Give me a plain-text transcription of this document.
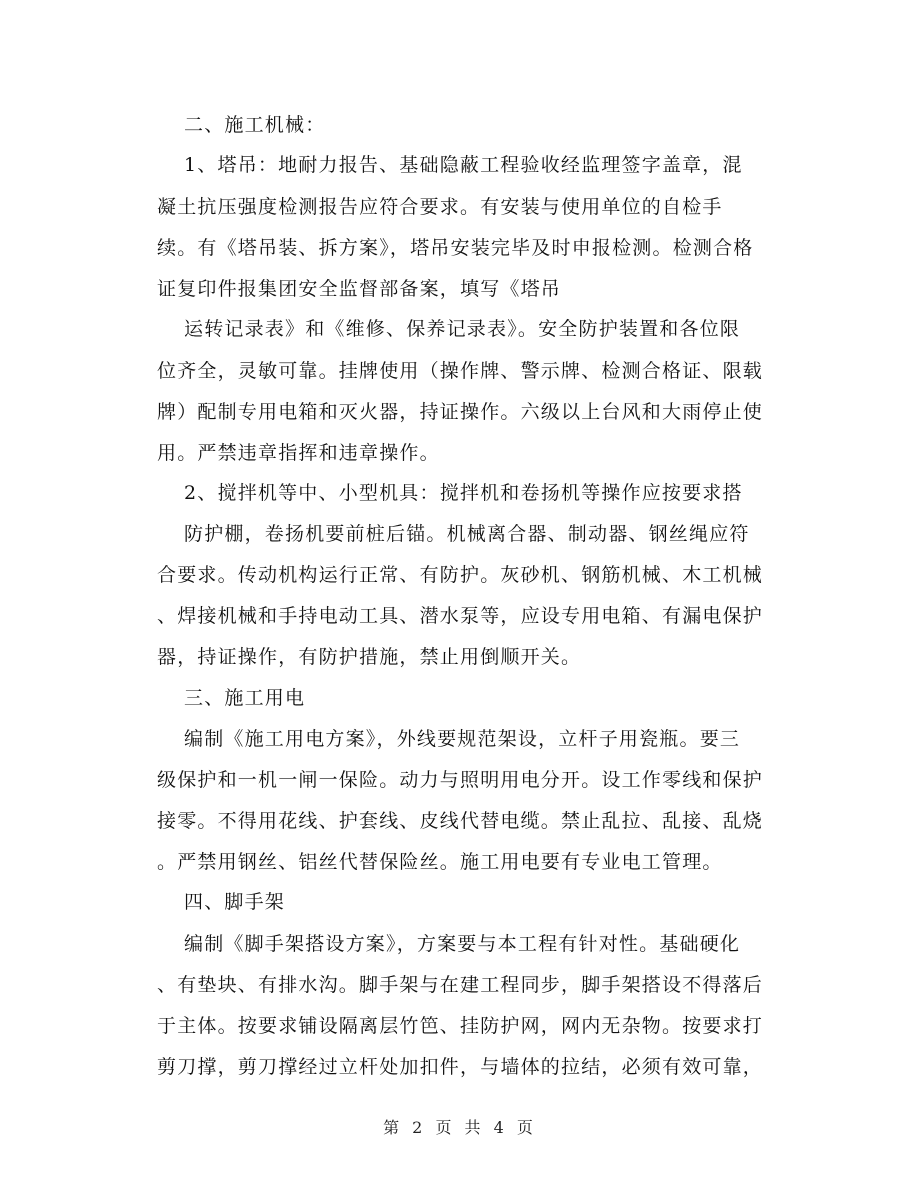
二、施工机械：
1、塔吊：地耐力报告、基础隐蔽工程验收经监理签字盖章，混
凝土抗压强度检测报告应符合要求。有安装与使用单位的自检手
续。有《塔吊装、拆方案》，塔吊安装完毕及时申报检测。检测合格
证复印件报集团安全监督部备案，填写《塔吊
运转记录表》和《维修、保养记录表》。安全防护装置和各位限
位齐全，灵敏可靠。挂牌使用（操作牌、警示牌、检测合格证、限载
牌）配制专用电箱和灭火器，持证操作。六级以上台风和大雨停止使
用。严禁违章指挥和违章操作。
2、搅拌机等中、小型机具：搅拌机和卷扬机等操作应按要求搭
防护棚，卷扬机要前桩后锚。机械离合器、制动器、钢丝绳应符
合要求。传动机构运行正常、有防护。灰砂机、钢筋机械、木工机械
、焊接机械和手持电动工具、潜水泵等，应设专用电箱、有漏电保护
器，持证操作，有防护措施，禁止用倒顺开关。
三、施工用电
编制《施工用电方案》，外线要规范架设，立杆子用瓷瓶。要三
级保护和一机一闸一保险。动力与照明用电分开。设工作零线和保护
接零。不得用花线、护套线、皮线代替电缆。禁止乱拉、乱接、乱烧
。严禁用钢丝、铝丝代替保险丝。施工用电要有专业电工管理。
四、脚手架
编制《脚手架搭设方案》，方案要与本工程有针对性。基础硬化
、有垫块、有排水沟。脚手架与在建工程同步，脚手架搭设不得落后
于主体。按要求铺设隔离层竹笆、挂防护网，网内无杂物。按要求打
剪刀撑，剪刀撑经过立杆处加扣件，与墙体的拉结，必须有效可靠，
第 2 页 共 4 页
